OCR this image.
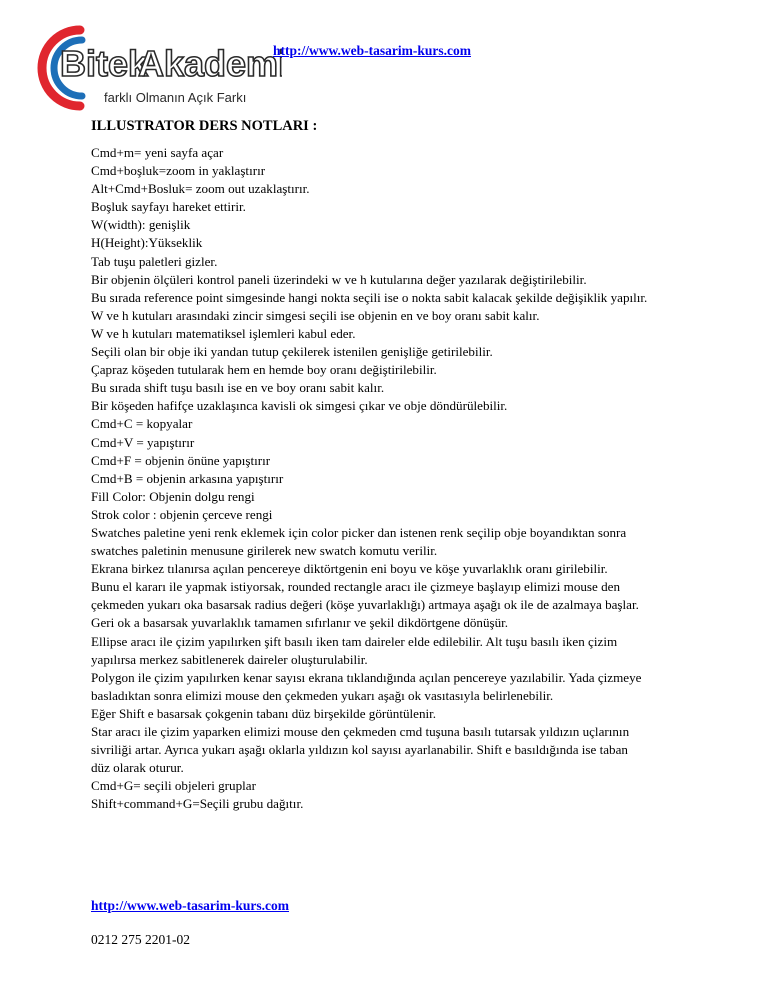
Bitek
Akademi
farklı Olmanın Açık Farkı
http://www.web-tasarim-kurs.com
ILLUSTRATOR DERS NOTLARI :
Cmd+m= yeni sayfa açar
Cmd+boşluk=zoom in yaklaştırır
Alt+Cmd+Bosluk= zoom out uzaklaştırır.
Boşluk sayfayı hareket ettirir.
W(width): genişlik
H(Height):Yükseklik
Tab tuşu paletleri gizler.
Bir objenin ölçüleri kontrol paneli üzerindeki w ve h kutularına değer yazılarak değiştirilebilir.
Bu sırada reference point simgesinde hangi nokta seçili ise o nokta sabit kalacak şekilde değişiklik yapılır.
W ve h kutuları arasındaki zincir simgesi seçili ise objenin en ve boy oranı sabit kalır.
W ve h kutuları matematiksel işlemleri kabul eder.
Seçili olan bir obje iki yandan tutup çekilerek istenilen genişliğe getirilebilir.
Çapraz köşeden tutularak hem en hemde boy oranı değiştirilebilir.
Bu sırada shift tuşu basılı ise en ve boy oranı sabit kalır.
Bir köşeden hafifçe uzaklaşınca kavisli ok simgesi çıkar ve obje döndürülebilir.
Cmd+C = kopyalar
Cmd+V = yapıştırır
Cmd+F = objenin önüne yapıştırır
Cmd+B = objenin arkasına yapıştırır
Fill Color: Objenin dolgu rengi
Strok color : objenin çerceve rengi
Swatches paletine yeni renk eklemek için color picker dan istenen renk seçilip obje boyandıktan sonra
swatches paletinin menusune girilerek new swatch komutu verilir.
Ekrana birkez tılanırsa açılan pencereye diktörtgenin eni boyu ve köşe yuvarlaklık oranı girilebilir.
Bunu el kararı ile yapmak istiyorsak, rounded rectangle aracı ile çizmeye başlayıp elimizi mouse den
çekmeden yukarı oka basarsak radius değeri (köşe yuvarlaklığı) artmaya aşağı ok ile de azalmaya başlar.
Geri ok a basarsak yuvarlaklık tamamen sıfırlanır ve şekil dikdörtgene dönüşür.
Ellipse aracı ile çizim yapılırken şift basılı iken tam daireler elde edilebilir. Alt tuşu basılı iken çizim
yapılırsa merkez sabitlenerek daireler oluşturulabilir.
Polygon ile çizim yapılırken kenar sayısı ekrana tıklandığında açılan pencereye yazılabilir. Yada çizmeye
basladıktan sonra elimizi mouse den çekmeden yukarı aşağı ok vasıtasıyla belirlenebilir.
Eğer Shift e basarsak çokgenin tabanı düz birşekilde görüntülenir.
Star aracı ile çizim yaparken elimizi mouse den çekmeden cmd tuşuna basılı tutarsak yıldızın uçlarının
sivriliği artar. Ayrıca yukarı aşağı oklarla yıldızın kol sayısı ayarlanabilir. Shift e basıldığında ise taban
düz olarak oturur.
Cmd+G= seçili objeleri gruplar
Shift+command+G=Seçili grubu dağıtır.
http://www.web-tasarim-kurs.com
0212 275 2201-02
